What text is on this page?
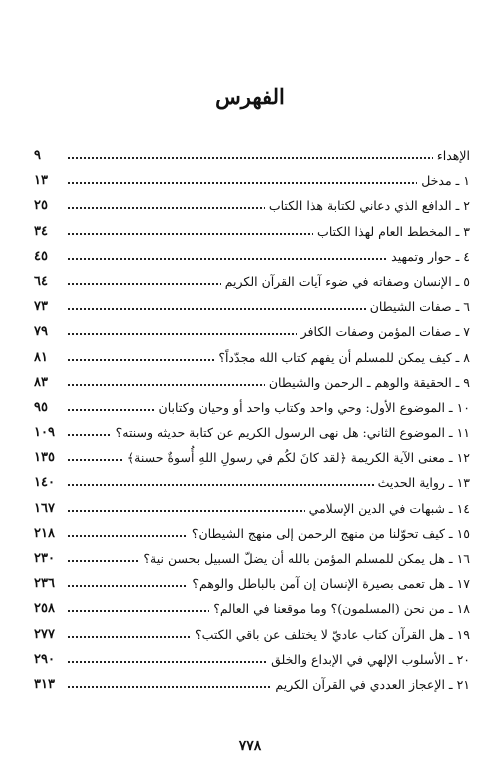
الفهرس
الإهداء
٩
١ ـ مدخل
١٣
٢ ـ الدافع الذي دعاني لكتابة هذا الكتاب
٢٥
٣ ـ المخطط العام لهذا الكتاب
٣٤
٤ ـ حوار وتمهيد
٤٥
٥ ـ الإنسان وصفاته في ضوء آيات القرآن الكريم
٦٤
٦ ـ صفات الشيطان
٧٣
٧ ـ صفات المؤمن وصفات الكافر
٧٩
٨ ـ كيف يمكن للمسلم أن يفهم كتاب الله مجدّداً؟
٨١
٩ ـ الحقيقة والوهم ـ الرحمن والشيطان
٨٣
١٠ ـ الموضوع الأول: وحي واحد وكتاب واحد أو وحيان وكتابان
٩٥
١١ ـ الموضوع الثاني: هل نهى الرسول الكريم عن كتابة حديثه وسنته؟
١٠٩
١٢ ـ معنى الآية الكريمة ﴿لقد كانَ لكُم في رسولِ اللهِ أُسوةٌ حسنة﴾
١٣٥
١٣ ـ رواية الحديث
١٤٠
١٤ ـ شبهات في الدين الإسلامي
١٦٧
١٥ ـ كيف تحوّلنا من منهج الرحمن إلى منهج الشيطان؟
٢١٨
١٦ ـ هل يمكن للمسلم المؤمن بالله أن يضلّ السبيل بحسن نية؟
٢٣٠
١٧ ـ هل تعمى بصيرة الإنسان إن آمن بالباطل والوهم؟
٢٣٦
١٨ ـ من نحن (المسلمون)؟ وما موقعنا في العالم؟
٢٥٨
١٩ ـ هل القرآن كتاب عاديّ لا يختلف عن باقي الكتب؟
٢٧٧
٢٠ ـ الأسلوب الإلهي في الإبداع والخلق
٢٩٠
٢١ ـ الإعجاز العددي في القرآن الكريم
٣١٣
٧٧٨
